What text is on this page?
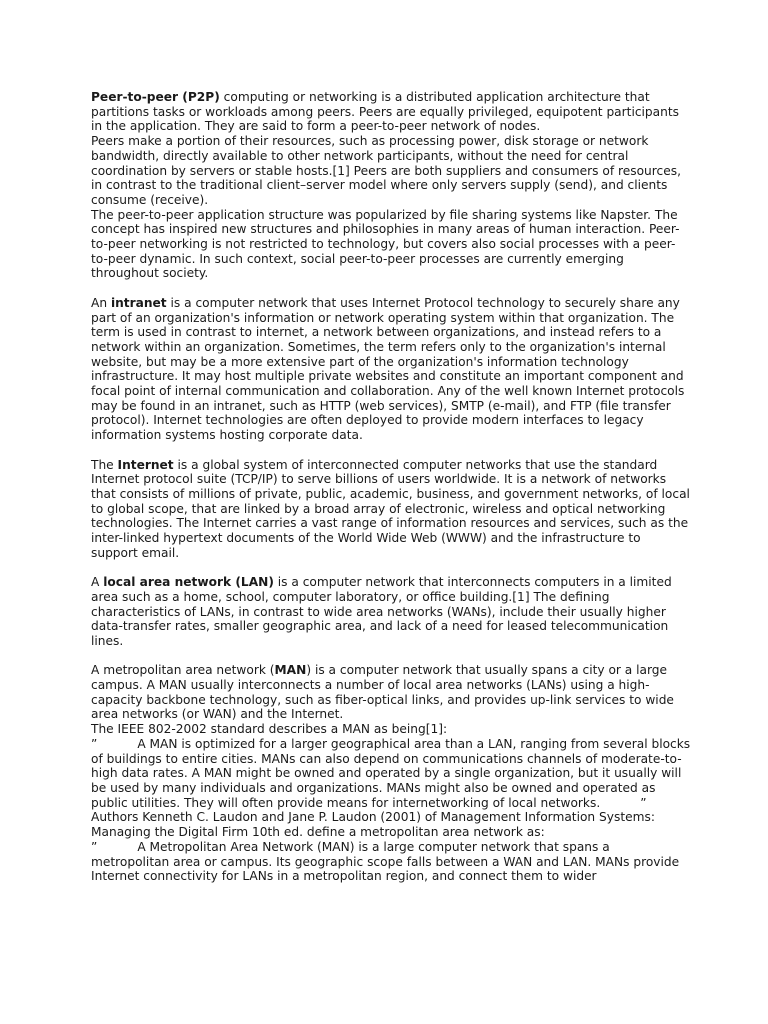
Peer-to-peer (P2P) computing or networking is a distributed application architecture that partitions tasks or workloads among peers. Peers are equally privileged, equipotent participants in the application. They are said to form a peer-to-peer network of nodes.

Peers make a portion of their resources, such as processing power, disk storage or network bandwidth, directly available to other network participants, without the need for central coordination by servers or stable hosts.[1] Peers are both suppliers and consumers of resources, in contrast to the traditional client–server model where only servers supply (send), and clients consume (receive).

The peer-to-peer application structure was popularized by file sharing systems like Napster. The concept has inspired new structures and philosophies in many areas of human interaction. Peer-to-peer networking is not restricted to technology, but covers also social processes with a peer-to-peer dynamic. In such context, social peer-to-peer processes are currently emerging throughout society.

An intranet is a computer network that uses Internet Protocol technology to securely share any part of an organization's information or network operating system within that organization. The term is used in contrast to internet, a network between organizations, and instead refers to a network within an organization. Sometimes, the term refers only to the organization's internal website, but may be a more extensive part of the organization's information technology infrastructure. It may host multiple private websites and constitute an important component and focal point of internal communication and collaboration. Any of the well known Internet protocols may be found in an intranet, such as HTTP (web services), SMTP (e-mail), and FTP (file transfer protocol). Internet technologies are often deployed to provide modern interfaces to legacy information systems hosting corporate data.

The Internet is a global system of interconnected computer networks that use the standard Internet protocol suite (TCP/IP) to serve billions of users worldwide. It is a network of networks that consists of millions of private, public, academic, business, and government networks, of local to global scope, that are linked by a broad array of electronic, wireless and optical networking technologies. The Internet carries a vast range of information resources and services, such as the inter-linked hypertext documents of the World Wide Web (WWW) and the infrastructure to support email.

A local area network (LAN) is a computer network that interconnects computers in a limited area such as a home, school, computer laboratory, or office building.[1] The defining characteristics of LANs, in contrast to wide area networks (WANs), include their usually higher data-transfer rates, smaller geographic area, and lack of a need for leased telecommunication lines.

A metropolitan area network (MAN) is a computer network that usually spans a city or a large campus. A MAN usually interconnects a number of local area networks (LANs) using a high-capacity backbone technology, such as fiber-optical links, and provides up-link services to wide area networks (or WAN) and the Internet.

The IEEE 802-2002 standard describes a MAN as being[1]:

”	A MAN is optimized for a larger geographical area than a LAN, ranging from several blocks of buildings to entire cities. MANs can also depend on communications channels of moderate-to-high data rates. A MAN might be owned and operated by a single organization, but it usually will be used by many individuals and organizations. MANs might also be owned and operated as public utilities. They will often provide means for internetworking of local networks.	”

Authors Kenneth C. Laudon and Jane P. Laudon (2001) of Management Information Systems: Managing the Digital Firm 10th ed. define a metropolitan area network as:

”	A Metropolitan Area Network (MAN) is a large computer network that spans a metropolitan area or campus. Its geographic scope falls between a WAN and LAN. MANs provide Internet connectivity for LANs in a metropolitan region, and connect them to wider
